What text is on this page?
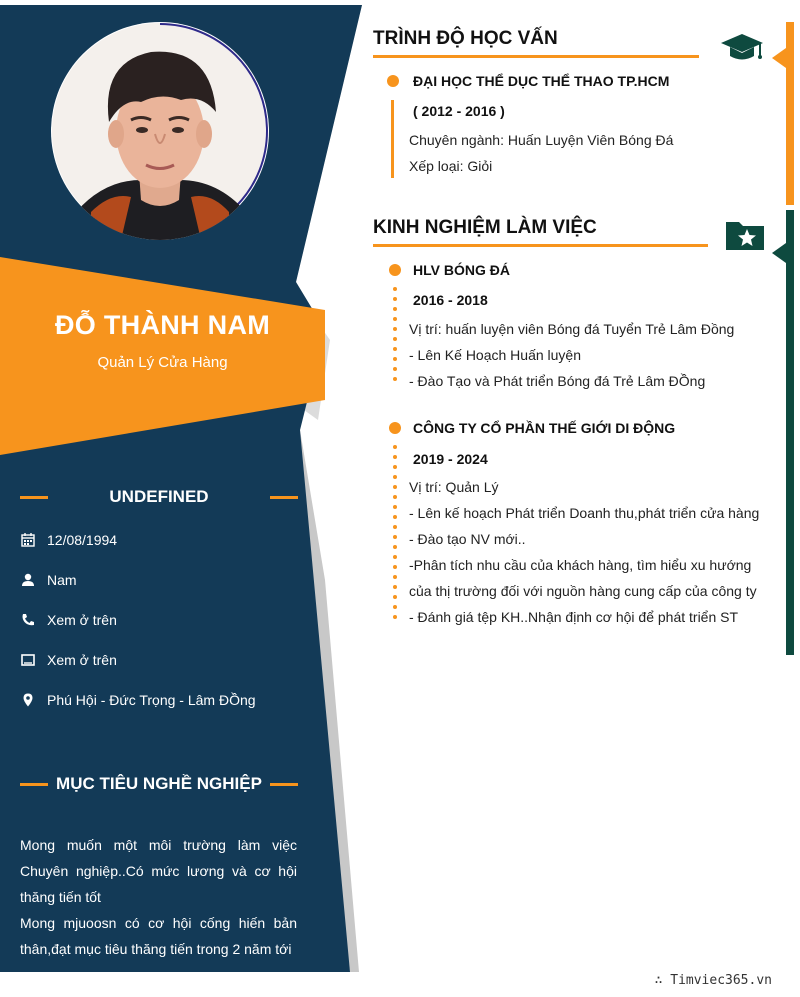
ĐỖ THÀNH NAM
Quản Lý Cửa Hàng
UNDEFINED
12/08/1994
Nam
Xem ở trên
Xem ở trên
Phú Hội - Đức Trọng - Lâm ĐỒng
MỤC TIÊU NGHỀ NGHIỆP

Mong muốn một môi trường làm việc Chuyên nghiệp..Có mức lương và cơ hội thăng tiến tốt

Mong mjuoosn có cơ hội cống hiến bản thân,đạt mục tiêu thăng tiến trong 2 năm tới

TRÌNH ĐỘ HỌC VẤN
ĐẠI HỌC THỂ DỤC THỂ THAO TP.HCM
( 2012 - 2016 )
Chuyên ngành: Huấn Luyện Viên Bóng Đá
Xếp loại: Giỏi
KINH NGHIỆM LÀM VIỆC
HLV BÓNG ĐÁ
2016 - 2018
Vị trí: huấn luyện viên Bóng đá Tuyển Trẻ Lâm Đồng
- Lên Kế Hoạch Huấn luyện
- Đào Tạo và Phát triển Bóng đá Trẻ Lâm ĐỒng
CÔNG TY CỔ PHẦN THẾ GIỚI DI ĐỘNG
2019 - 2024
Vị trí: Quản Lý
- Lên kế hoạch Phát triển Doanh thu,phát triển cửa hàng
- Đào tạo NV mới..
-Phân tích nhu cầu của khách hàng, tìm hiểu xu hướng
của thị trường đối với nguồn hàng cung cấp của công ty
- Đánh giá tệp KH..Nhận định cơ hội để phát triển ST
∴ Timviec365.vn
